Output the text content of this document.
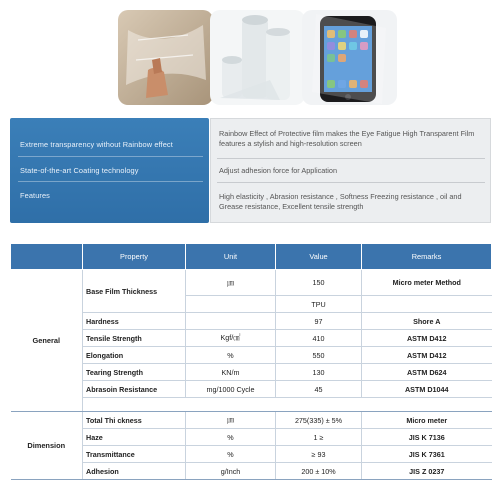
Extreme transparency without Rainbow effect
State-of-the-art Coating technology
Features
Rainbow Effect of Protective film makes the Eye Fatigue High Transparent Film features a stylish and high-resolution screen
Adjust adhesion force for Application
High elasticity , Abrasion resistance , Softness Freezing resistance , oil and Grease resistance, Excellent tensile strength
	Property	Unit	Value	Remarks
General	Base Film Thickness	㎛	150	Micro meter Method
			TPU	
	Hardness		97	Shore A
	Tensile Strength	Kgf/㎠	410	ASTM D412
	Elongation	%	550	ASTM D412
	Tearing Strength	KN/m	130	ASTM D624
	Abrasoin Resistance	mg/1000 Cycle	45	ASTM D1044

Dimension	Total Thi ckness	㎛	275(335) ± 5%	Micro meter
	Haze	%	1 ≥	JIS K 7136
	Transmittance	%	≥ 93	JIS K 7361
	Adhesion	g/Inch	200 ± 10%	JIS Z 0237
